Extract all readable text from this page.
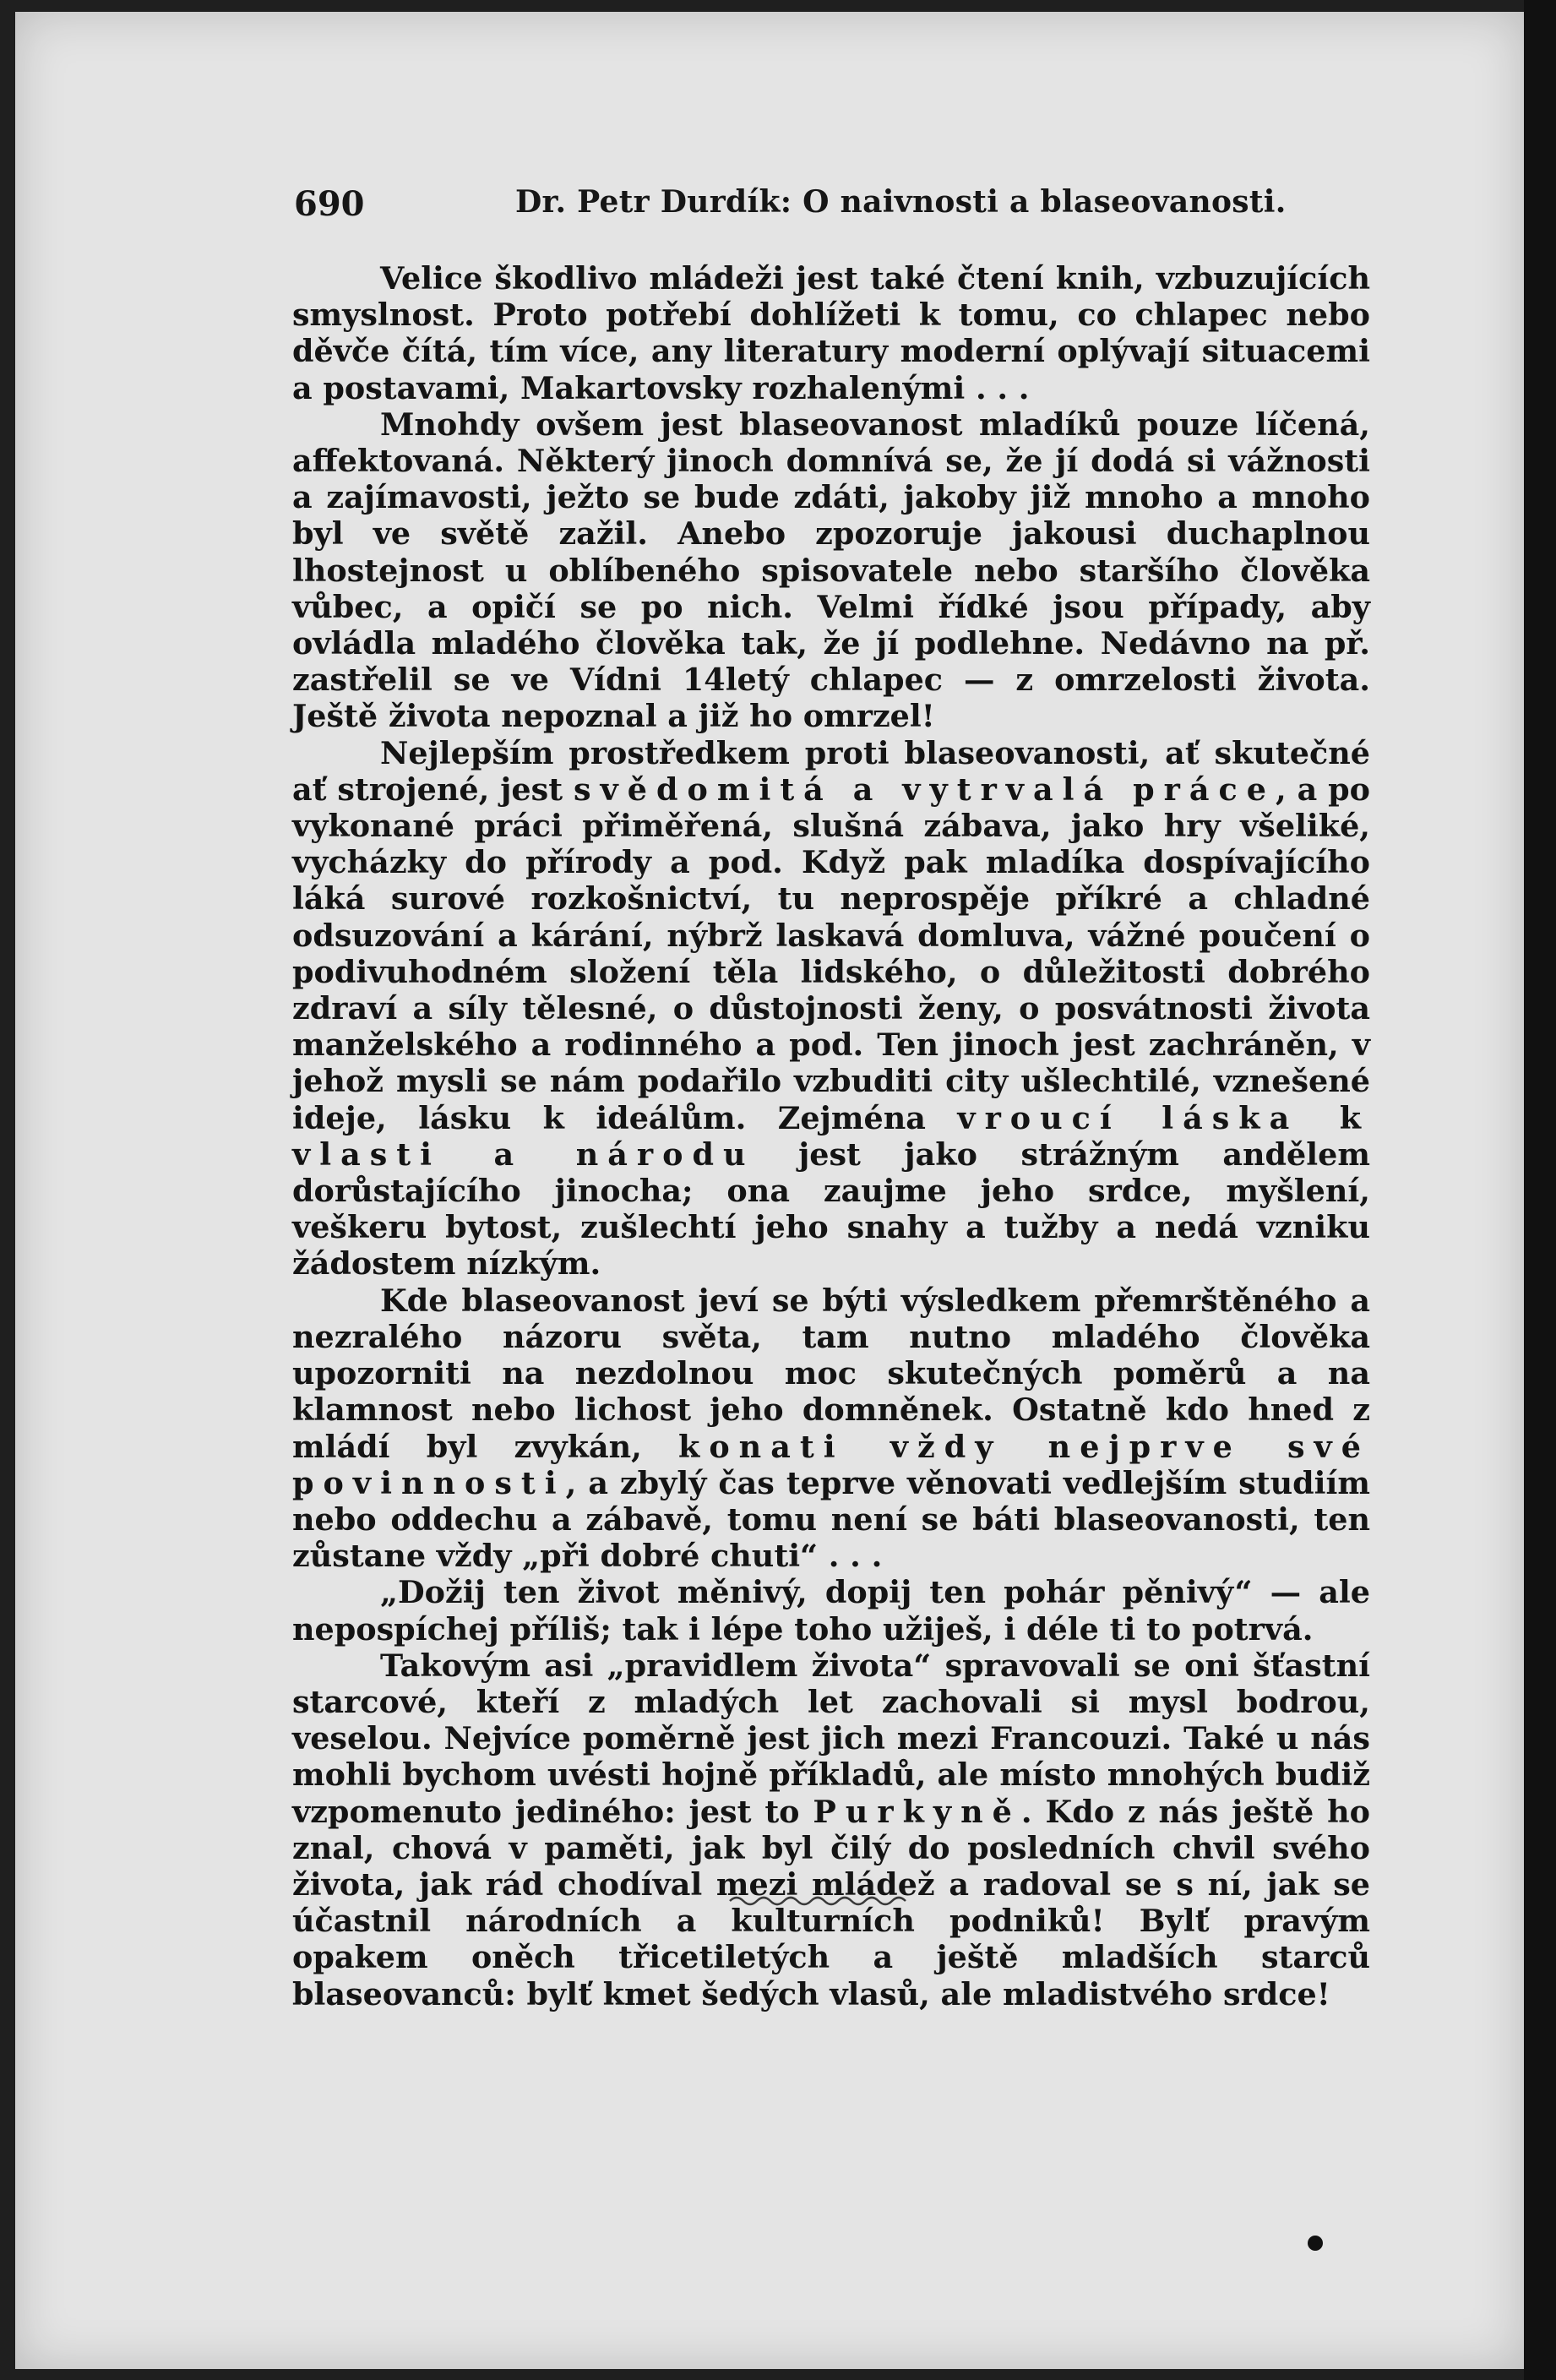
690	Dr. Petr Durdík: O naivnosti a blaseovanosti.

Velice škodlivo mládeži jest také čtení knih, vzbuzujících smyslnost. Proto potřebí dohlížeti k tomu, co chlapec nebo děvče čítá, tím více, any literatury moderní oplývají situacemi a postavami, Makartovsky rozhalenými . . .

Mnohdy ovšem jest blaseovanost mladíků pouze líčená, affektovaná. Některý jinoch domnívá se, že jí dodá si vážnosti a zajímavosti, ježto se bude zdáti, jakoby již mnoho a mnoho byl ve světě zažil. Anebo zpozoruje jakousi duchaplnou lhostejnost u oblíbeného spisovatele nebo staršího člověka vůbec, a opičí se po nich. Velmi řídké jsou případy, aby ovládla mladého člověka tak, že jí podlehne. Nedávno na př. zastřelil se ve Vídni 14letý chlapec — z omrzelosti života. Ještě života nepoznal a již ho omrzel!

Nejlepším prostředkem proti blaseovanosti, ať skutečné ať strojené, jest svědomitá a vytrvalá práce, a po vykonané práci přiměřená, slušná zábava, jako hry všeliké, vycházky do přírody a pod. Když pak mladíka dospívajícího láká surové rozkošnictví, tu neprospěje příkré a chladné odsuzování a kárání, nýbrž laskavá domluva, vážné poučení o podivuhodném složení těla lidského, o důležitosti dobrého zdraví a síly tělesné, o důstojnosti ženy, o posvátnosti života manželského a rodinného a pod. Ten jinoch jest zachráněn, v jehož mysli se nám podařilo vzbuditi city ušlechtilé, vznešené ideje, lásku k ideálům. Zejména vroucí láska k vlasti a národu jest jako strážným andělem dorůstajícího jinocha; ona zaujme jeho srdce, myšlení, veškeru bytost, zušlechtí jeho snahy a tužby a nedá vzniku žádostem nízkým.

Kde blaseovanost jeví se býti výsledkem přemrštěného a nezralého názoru světa, tam nutno mladého člověka upozorniti na nezdolnou moc skutečných poměrů a na klamnost nebo lichost jeho domněnek. Ostatně kdo hned z mládí byl zvykán, konati vždy nejprve své povinnosti, a zbylý čas teprve věnovati vedlejším studiím nebo oddechu a zábavě, tomu není se báti blaseovanosti, ten zůstane vždy „při dobré chuti“ . . .

„Dožij ten život měnivý, dopij ten pohár pěnivý“ — ale nepospíchej příliš; tak i lépe toho užiješ, i déle ti to potrvá.

Takovým asi „pravidlem života“ spravovali se oni šťastní starcové, kteří z mladých let zachovali si mysl bodrou, veselou. Nejvíce poměrně jest jich mezi Francouzi. Také u nás mohli bychom uvésti hojně příkladů, ale místo mnohých budiž vzpomenuto jediného: jest to Purkyně. Kdo z nás ještě ho znal, chová v paměti, jak byl čilý do posledních chvil svého života, jak rád chodíval mezi mládež a radoval se s ní, jak se účastnil národních a kulturních podniků! Bylť pravým opakem oněch třicetiletých a ještě mladších starců blaseovanců: bylť kmet šedých vlasů, ale mladistvého srdce!
